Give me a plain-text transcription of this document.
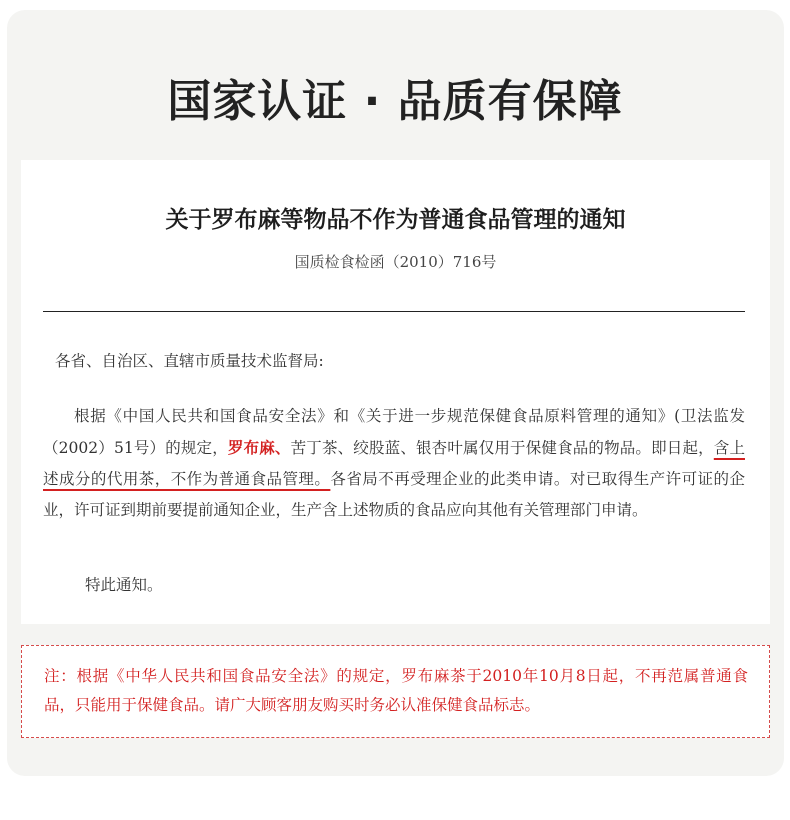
国家认证 · 品质有保障
关于罗布麻等物品不作为普通食品管理的通知
国质检食检函（2010）716号
各省、自治区、直辖市质量技术监督局:
根据《中国人民共和国食品安全法》和《关于进一步规范保健食品原料管理的通知》(卫法监发（2002）51号）的规定，罗布麻、苦丁茶、绞股蓝、银杏叶属仅用于保健食品的物品。即日起，含上述成分的代用茶，不作为普通食品管理。各省局不再受理企业的此类申请。对已取得生产许可证的企业，许可证到期前要提前通知企业，生产含上述物质的食品应向其他有关管理部门申请。
特此通知。
注：根据《中华人民共和国食品安全法》的规定，罗布麻茶于2010年10月8日起，不再范属普通食品，只能用于保健食品。请广大顾客朋友购买时务必认准保健食品标志。
